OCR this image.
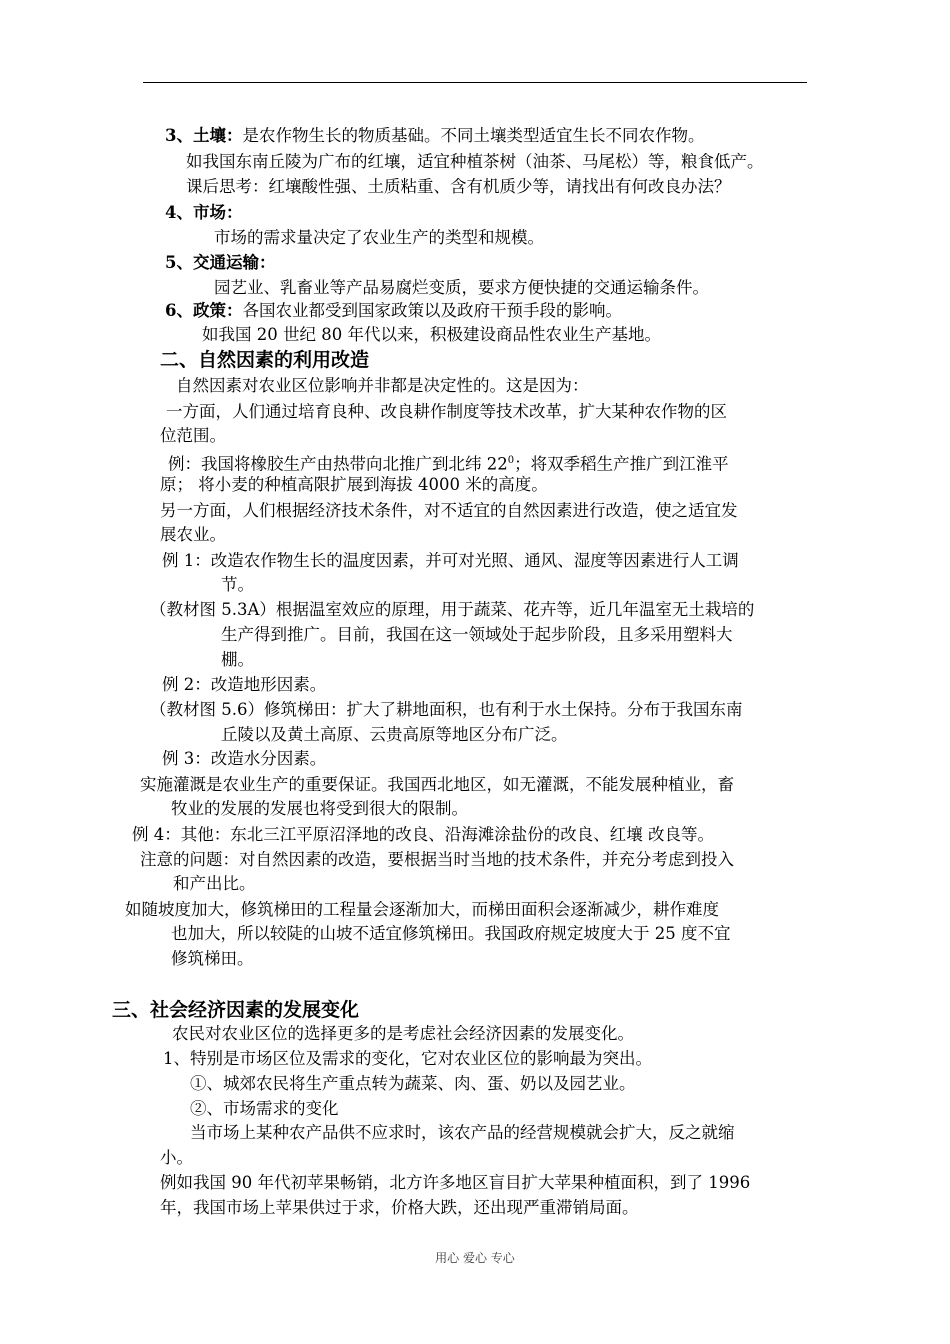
3、土壤：是农作物生长的物质基础。不同土壤类型适宜生长不同农作物。
如我国东南丘陵为广布的红壤，适宜种植茶树（油茶、马尾松）等，粮食低产。
课后思考：红壤酸性强、土质粘重、含有机质少等，请找出有何改良办法？
4、市场：
市场的需求量决定了农业生产的类型和规模。
5、交通运输：
园艺业、乳畜业等产品易腐烂变质，要求方便快捷的交通运输条件。
6、政策：各国农业都受到国家政策以及政府干预手段的影响。
如我国 20 世纪 80 年代以来，积极建设商品性农业生产基地。
二、自然因素的利用改造
自然因素对农业区位影响并非都是决定性的。这是因为：
一方面，人们通过培育良种、改良耕作制度等技术改革，扩大某种农作物的区
位范围。
例：我国将橡胶生产由热带向北推广到北纬 $22^0$；将双季稻生产推广到江淮平
原； 将小麦的种植高限扩展到海拔 4000 米的高度。
另一方面，人们根据经济技术条件，对不适宜的自然因素进行改造，使之适宜发
展农业。
例 1：改造农作物生长的温度因素，并可对光照、通风、湿度等因素进行人工调
节。
（教材图 5.3A）根据温室效应的原理，用于蔬菜、花卉等，近几年温室无土栽培的
生产得到推广。目前，我国在这一领域处于起步阶段，且多采用塑料大
棚。
例 2：改造地形因素。
（教材图 5.6）修筑梯田：扩大了耕地面积，也有利于水土保持。分布于我国东南
丘陵以及黄土高原、云贵高原等地区分布广泛。
例 3：改造水分因素。
实施灌溉是农业生产的重要保证。我国西北地区，如无灌溉，不能发展种植业，畜
牧业的发展的发展也将受到很大的限制。
例 4：其他：东北三江平原沼泽地的改良、沿海滩涂盐份的改良、红壤 改良等。
注意的问题：对自然因素的改造，要根据当时当地的技术条件，并充分考虑到投入
和产出比。
如随坡度加大，修筑梯田的工程量会逐渐加大，而梯田面积会逐渐减少，耕作难度
也加大，所以较陡的山坡不适宜修筑梯田。我国政府规定坡度大于 25 度不宜
修筑梯田。
三、社会经济因素的发展变化
农民对农业区位的选择更多的是考虑社会经济因素的发展变化。
1、特别是市场区位及需求的变化，它对农业区位的影响最为突出。
①、城郊农民将生产重点转为蔬菜、肉、蛋、奶以及园艺业。
②、市场需求的变化
当市场上某种农产品供不应求时，该农产品的经营规模就会扩大，反之就缩
小。
例如我国 90 年代初苹果畅销，北方许多地区盲目扩大苹果种植面积，到了 1996
年，我国市场上苹果供过于求，价格大跌，还出现严重滞销局面。
用心 爱心 专心
